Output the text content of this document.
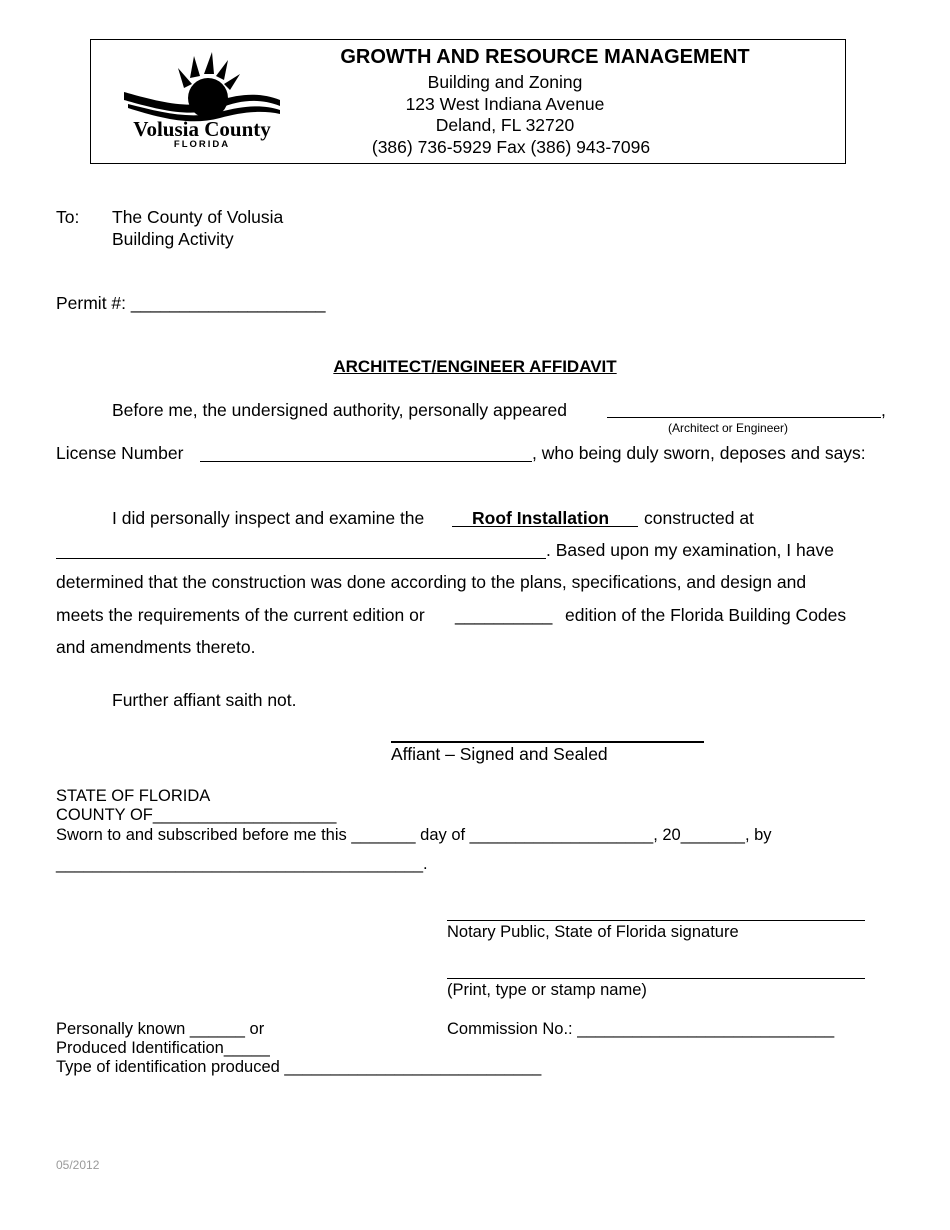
Volusia County
FLORIDA
GROWTH AND RESOURCE MANAGEMENT
Building and Zoning
123 West Indiana Avenue
Deland, FL 32720
(386) 736-5929 Fax (386) 943-7096
To: The County of Volusia
Building Activity
Permit #: ____________________
ARCHITECT/ENGINEER AFFIDAVIT
Before me, the undersigned authority, personally appeared	,
(Architect or Engineer)
License Number	, who being duly sworn, deposes and says:
I did personally inspect and examine the	Roof Installation	constructed at
. Based upon my examination, I have
determined that the construction was done according to the plans, specifications, and design and
meets the requirements of the current edition or __________ edition of the Florida Building Codes
and amendments thereto.
Further affiant saith not.
Affiant – Signed and Sealed
STATE OF FLORIDA
COUNTY OF____________________
Sworn to and subscribed before me this _______ day of ____________________, 20_______, by
________________________________________.
Notary Public, State of Florida signature
(Print, type or stamp name)
Personally known ______ or	Commission No.: ____________________________
Produced Identification_____
Type of identification produced ____________________________
05/2012
